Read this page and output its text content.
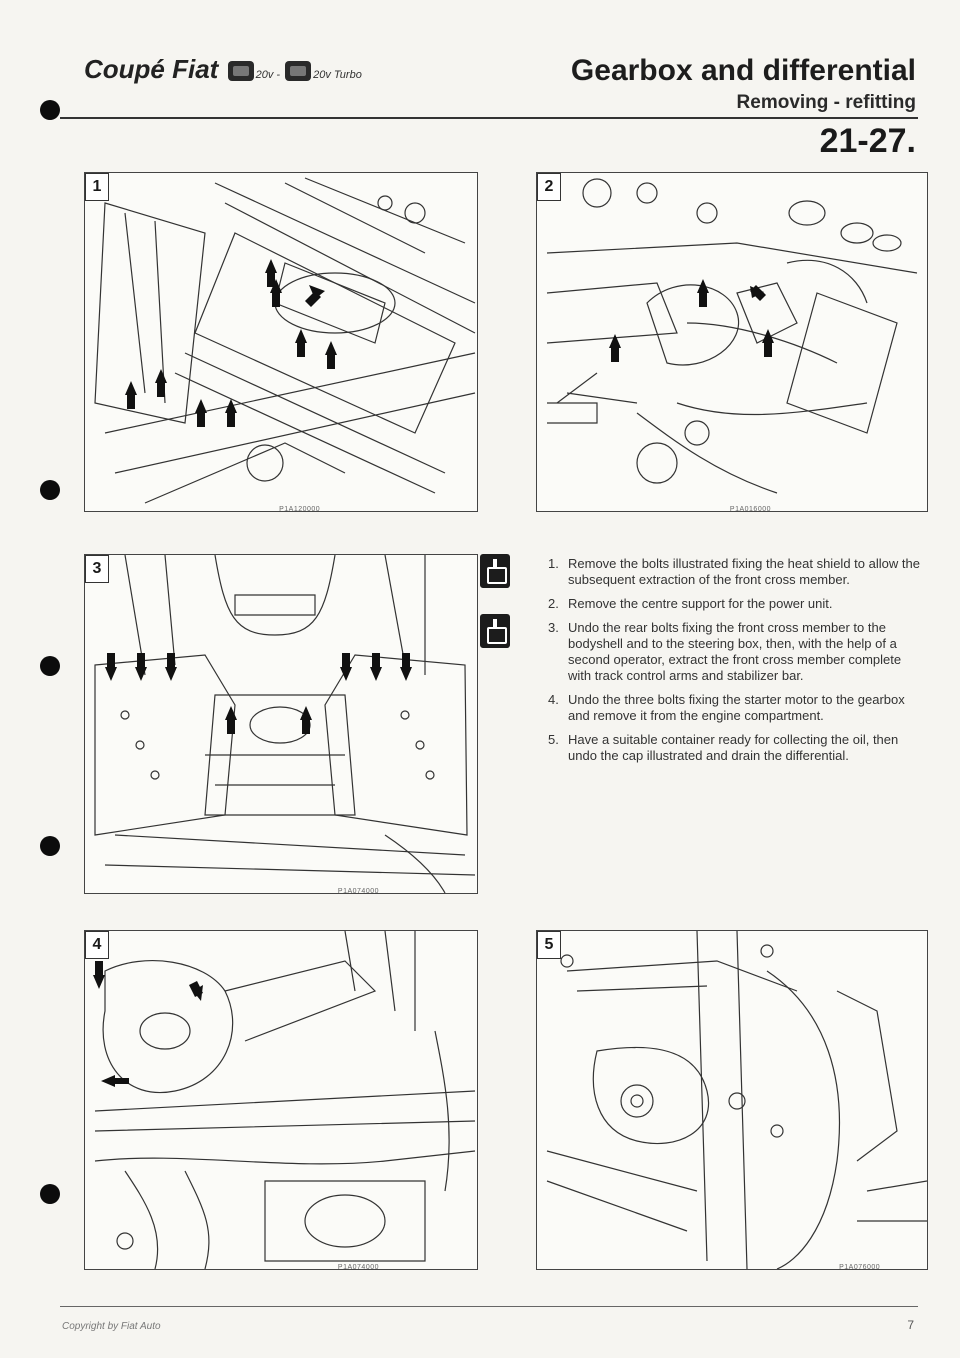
Coupé Fiat	20v -	20v Turbo	Gearbox and differential
Removing - refitting
21-27.
1
P1A120000
2
P1A016000
3
P1A074000
1. Remove the bolts illustrated fixing the heat shield to allow the subsequent extraction of the front cross member.
2. Remove the centre support for the power unit.
3. Undo the rear bolts fixing the front cross member to the bodyshell and to the steering box, then, with the help of a second operator, extract the front cross member complete with track control arms and stabilizer bar.
4. Undo the three bolts fixing the starter motor to the gearbox and remove it from the engine compartment.
5. Have a suitable container ready for collecting the oil, then undo the cap illustrated and drain the differential.
4
P1A074000
5
P1A076000
Copyright by Fiat Auto	7
